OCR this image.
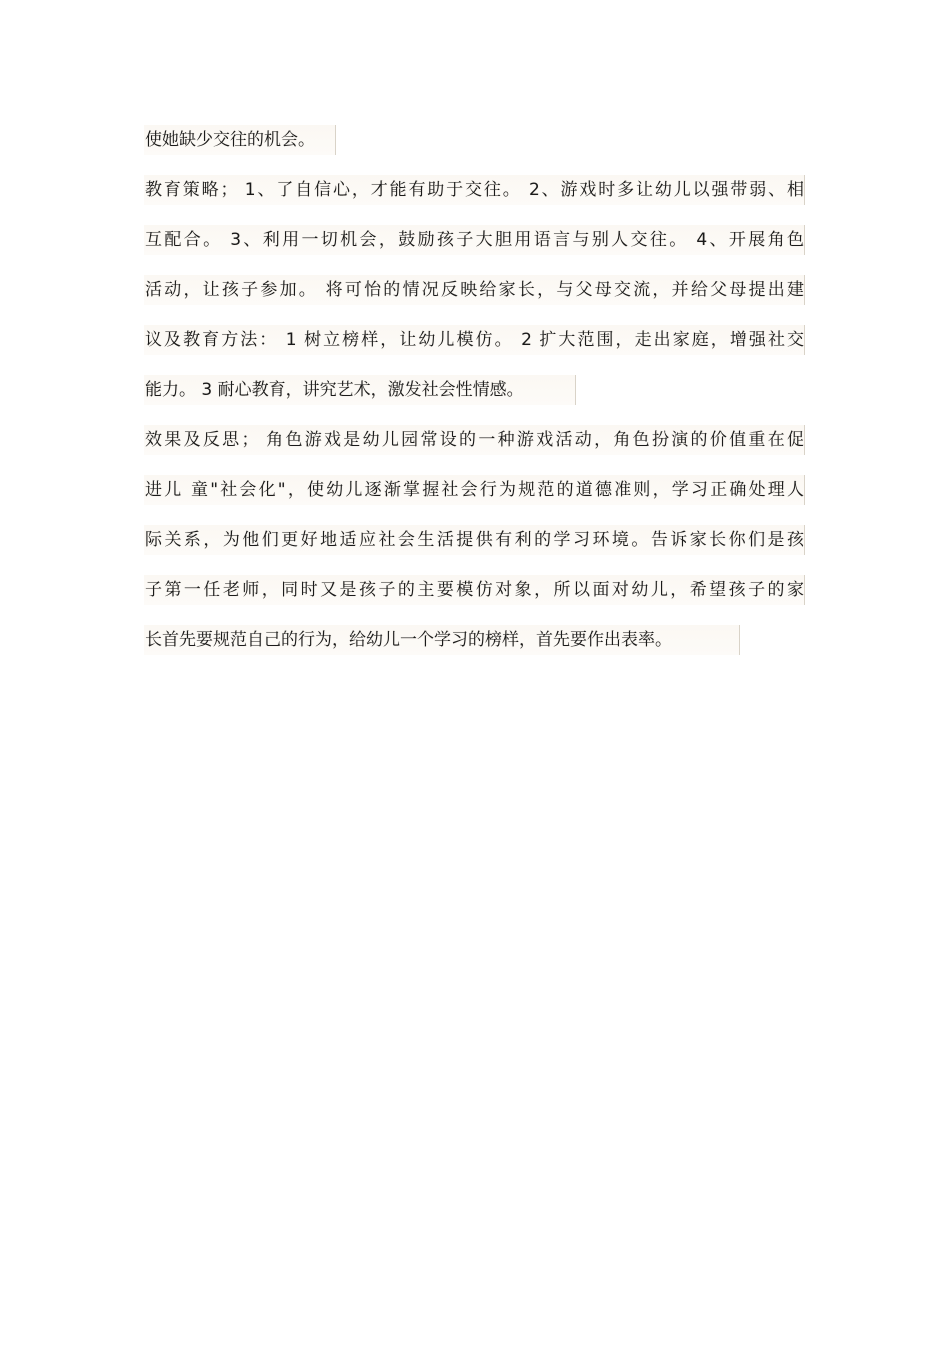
使她缺少交往的机会。
教育策略； 1、了自信心，才能有助于交往。 2、游戏时多让幼儿以强带弱、相
互配合。 3、利用一切机会，鼓励孩子大胆用语言与别人交往。 4、开展角色
活动，让孩子参加。 将可怡的情况反映给家长，与父母交流，并给父母提出建
议及教育方法： 1 树立榜样，让幼儿模仿。 2 扩大范围，走出家庭，增强社交
能力。 3 耐心教育，讲究艺术，激发社会性情感。
效果及反思； 角色游戏是幼儿园常设的一种游戏活动，角色扮演的价值重在促
进儿 童"社会化"，使幼儿逐渐掌握社会行为规范的道德准则，学习正确处理人
际关系，为他们更好地适应社会生活提供有利的学习环境。告诉家长你们是孩
子第一任老师，同时又是孩子的主要模仿对象，所以面对幼儿，希望孩子的家
长首先要规范自己的行为，给幼儿一个学习的榜样，首先要作出表率。
